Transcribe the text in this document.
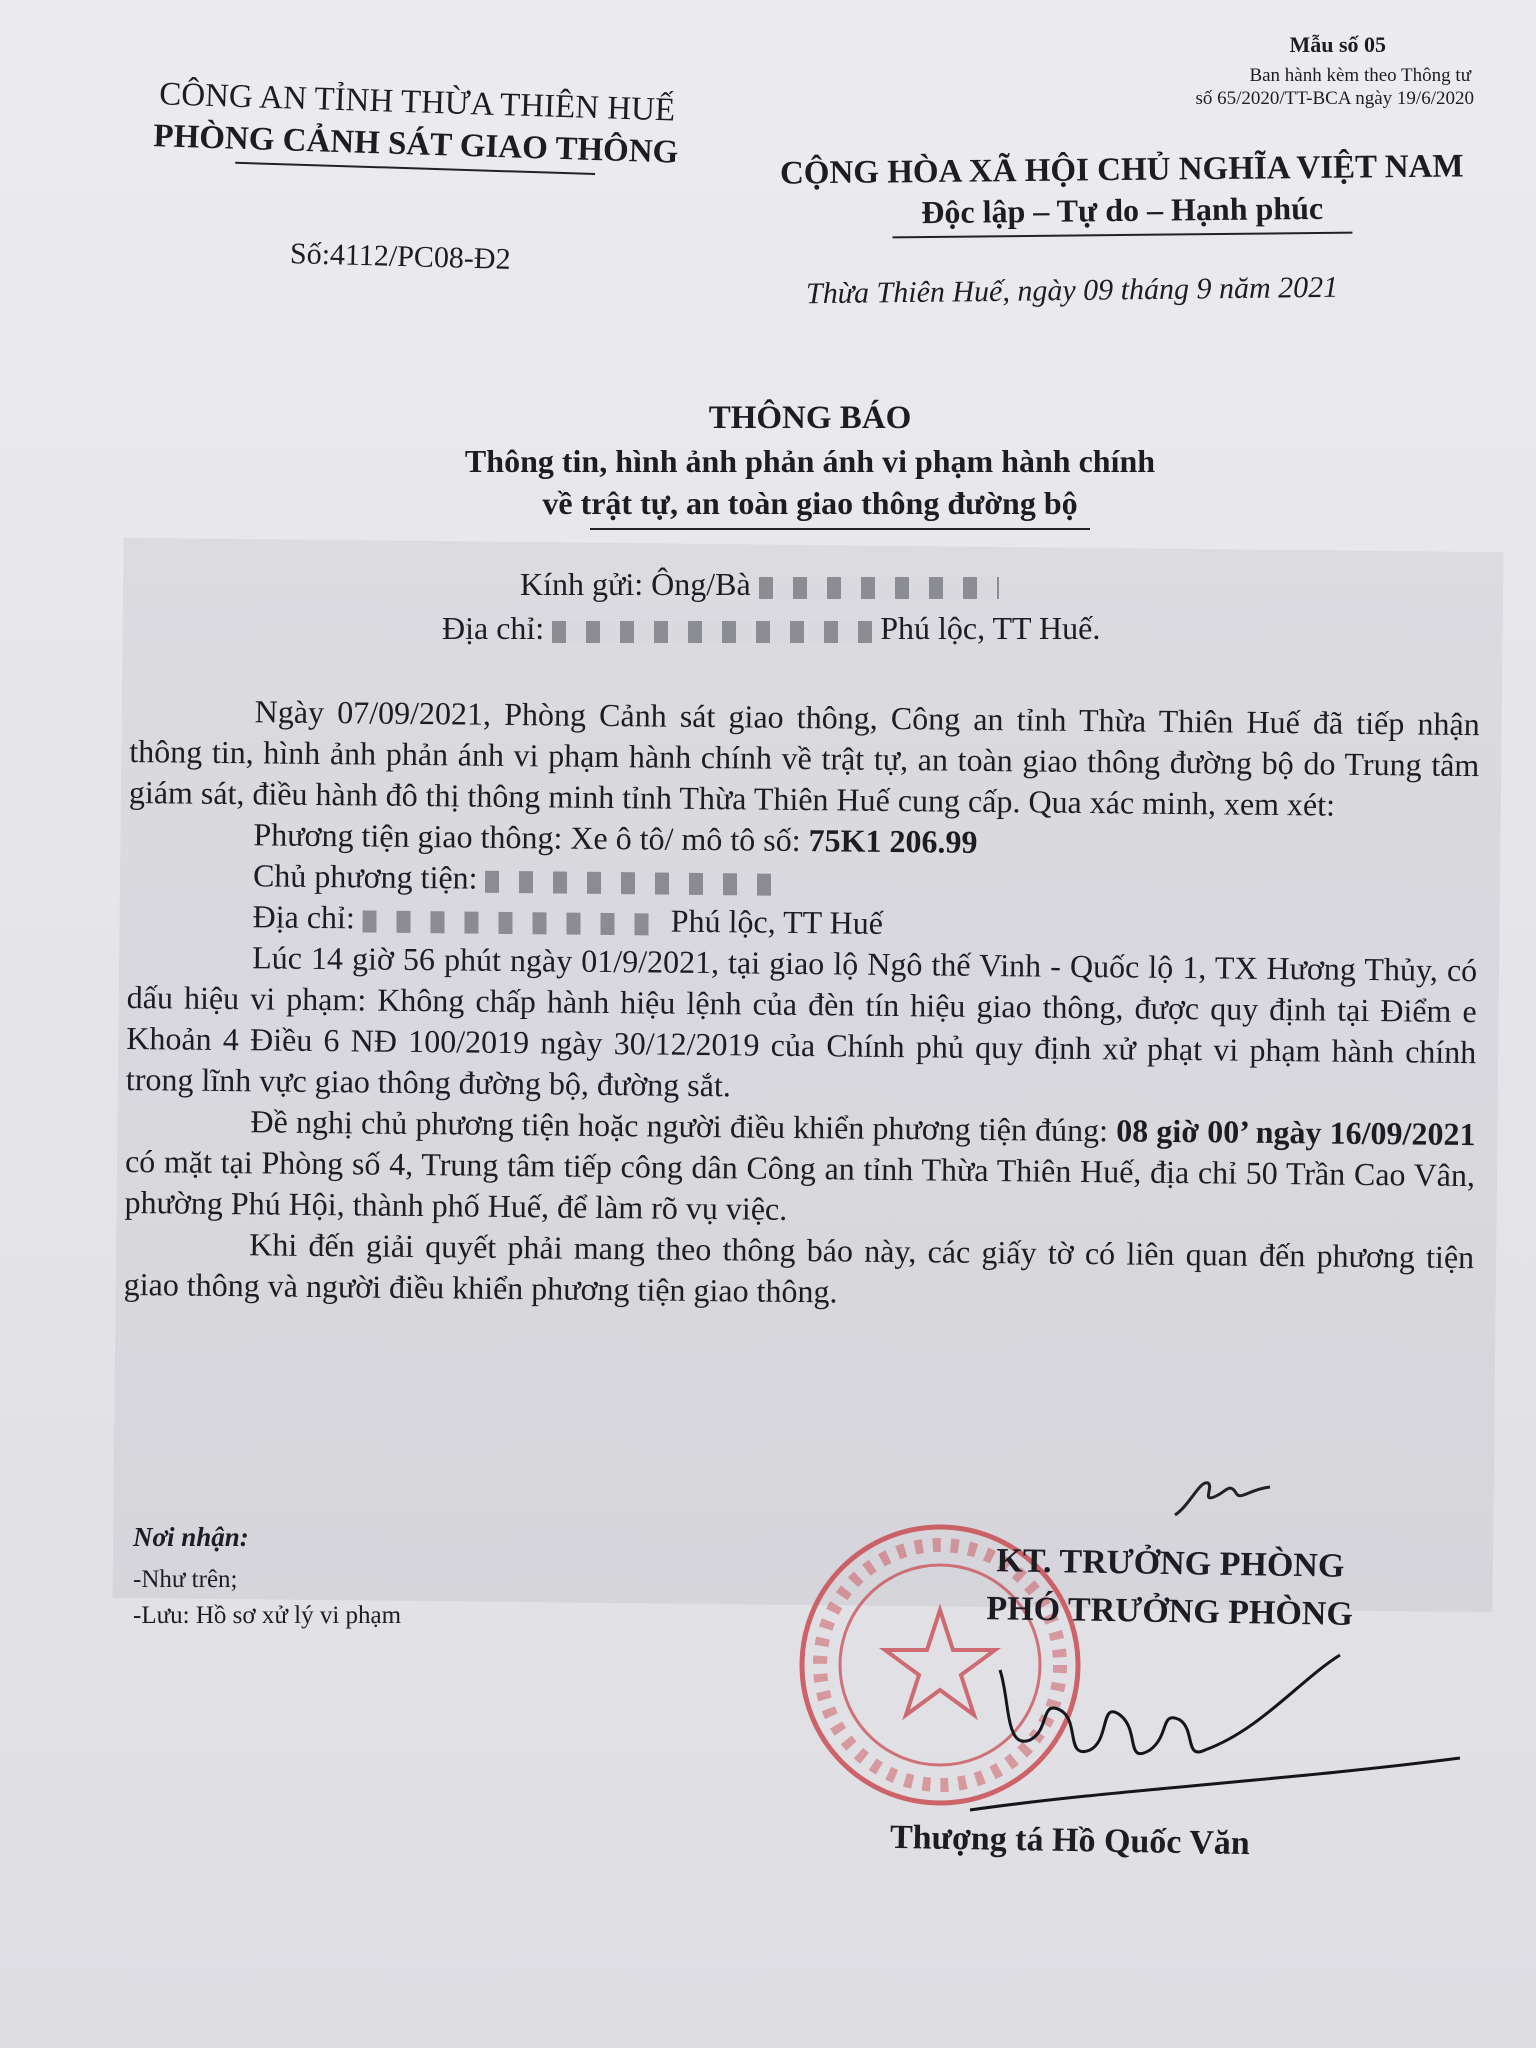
Mẫu số 05
Ban hành kèm theo Thông tư
số 65/2020/TT-BCA ngày 19/6/2020
CÔNG AN TỈNH THỪA THIÊN HUẾ
PHÒNG CẢNH SÁT GIAO THÔNG
Số:4112/PC08-Đ2
CỘNG HÒA XÃ HỘI CHỦ NGHĨA VIỆT NAM
Độc lập – Tự do – Hạnh phúc
Thừa Thiên Huế, ngày 09 tháng 9 năm 2021
THÔNG BÁO
Thông tin, hình ảnh phản ánh vi phạm hành chính
về trật tự, an toàn giao thông đường bộ
Kính gửi: Ông/Bà
Địa chỉ:	Phú lộc, TT Huế.

Ngày 07/09/2021, Phòng Cảnh sát giao thông, Công an tỉnh Thừa Thiên Huế đã tiếp nhận thông tin, hình ảnh phản ánh vi phạm hành chính về trật tự, an toàn giao thông đường bộ do Trung tâm giám sát, điều hành đô thị thông minh tỉnh Thừa Thiên Huế cung cấp. Qua xác minh, xem xét:

Phương tiện giao thông: Xe ô tô/ mô tô số: 75K1 206.99

Chủ phương tiện:

Địa chỉ:	Phú lộc, TT Huế

Lúc 14 giờ 56 phút ngày 01/9/2021, tại giao lộ Ngô thế Vinh - Quốc lộ 1, TX Hương Thủy, có dấu hiệu vi phạm: Không chấp hành hiệu lệnh của đèn tín hiệu giao thông, được quy định tại Điểm e Khoản 4 Điều 6 NĐ 100/2019 ngày 30/12/2019 của Chính phủ quy định xử phạt vi phạm hành chính trong lĩnh vực giao thông đường bộ, đường sắt.

Đề nghị chủ phương tiện hoặc người điều khiển phương tiện đúng: 08 giờ 00’ ngày 16/09/2021 có mặt tại Phòng số 4, Trung tâm tiếp công dân Công an tỉnh Thừa Thiên Huế, địa chỉ 50 Trần Cao Vân, phường Phú Hội, thành phố Huế, để làm rõ vụ việc.

Khi đến giải quyết phải mang theo thông báo này, các giấy tờ có liên quan đến phương tiện giao thông và người điều khiển phương tiện giao thông.

Nơi nhận:
-Như trên;
-Lưu: Hồ sơ xử lý vi phạm
KT. TRƯỞNG PHÒNG
PHÓ TRƯỞNG PHÒNG
Thượng tá Hồ Quốc Văn
